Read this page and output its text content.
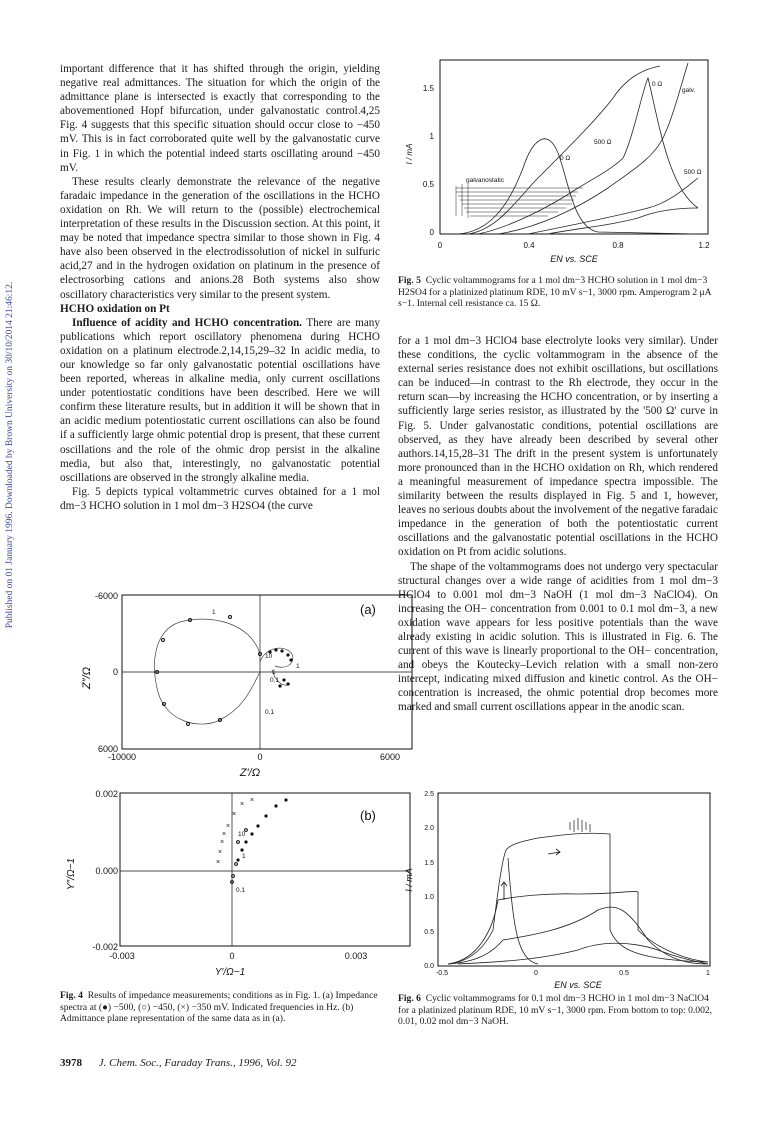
Published on 01 January 1996. Downloaded by Brown University on 30/10/2014 21:46:12.

important difference that it has shifted through the origin, yielding negative real admittances. The situation for which the origin of the admittance plane is intersected is exactly that corresponding to the abovementioned Hopf bifurcation, under galvanostatic control.4,25 Fig. 4 suggests that this specific situation should occur close to −450 mV. This is in fact corroborated quite well by the galvanostatic curve in Fig. 1 in which the potential indeed starts oscillating around −450 mV.

These results clearly demonstrate the relevance of the negative faradaic impedance in the generation of the oscillations in the HCHO oxidation on Rh. We will return to the (possible) electrochemical interpretation of these results in the Discussion section. At this point, it may be noted that impedance spectra similar to those shown in Fig. 4 have also been observed in the electrodissolution of nickel in sulfuric acid,27 and in the hydrogen oxidation on platinum in the presence of electrosorbing cations and anions.28 Both systems also show oscillatory characteristics very similar to the present system.

HCHO oxidation on Pt

Influence of acidity and HCHO concentration. There are many publications which report oscillatory phenomena during HCHO oxidation on a platinum electrode.2,14,15,29–32 In acidic media, to our knowledge so far only galvanostatic potential oscillations have been reported, whereas in alkaline media, only current oscillations under potentiostatic conditions have been described. Here we will confirm these literature results, but in addition it will be shown that in an acidic medium potentiostatic current oscillations can also be found if a sufficiently large ohmic potential drop is present, that these current oscillations and the role of the ohmic drop persist in the alkaline media, but also that, interestingly, no galvanostatic potential oscillations are observed in the strongly alkaline media.

Fig. 5 depicts typical voltammetric curves obtained for a 1 mol dm−3 HCHO solution in 1 mol dm−3 H2SO4 (the curve

for a 1 mol dm−3 HClO4 base electrolyte looks very similar). Under these conditions, the cyclic voltammogram in the absence of the external series resistance does not exhibit oscillations, but oscillations can be induced—in contrast to the Rh electrode, they occur in the return scan—by increasing the HCHO concentration, or by inserting a sufficiently large series resistor, as illustrated by the '500 Ω' curve in Fig. 5. Under galvanostatic conditions, potential oscillations are observed, as they have already been described by several other authors.14,15,28–31 The drift in the present system is unfortunately more pronounced than in the HCHO oxidation on Rh, which rendered a meaningful measurement of impedance spectra impossible. The similarity between the results displayed in Fig. 5 and 1, however, leaves no serious doubts about the involvement of the negative faradaic impedance in the generation of both the potentiostatic current oscillations and the galvanostatic potential oscillations in the HCHO oxidation on Pt from acidic solutions.

The shape of the voltammograms does not undergo very spectacular structural changes over a wide range of acidities from 1 mol dm−3 HClO4 to 0.001 mol dm−3 NaOH (1 mol dm−3 NaClO4). On increasing the OH− concentration from 0.001 to 0.1 mol dm−3, a new oxidation wave appears for less positive potentials than the wave already existing in acidic solution. This is illustrated in Fig. 6. The current of this wave is linearly proportional to the OH− concentration, and obeys the Koutecky–Levich relation with a small non-zero intercept, indicating mixed diffusion and kinetic control. As the OH− concentration is increased, the ohmic potential drop becomes more marked and small current oscillations appear in the anodic scan.

1.5
1
0.5
0
I / mA
0	0.4	0.8	1.2
EN vs. SCE
galvanostatic
500 Ω
0 Ω
0 Ω
galv.
500 Ω
Fig. 5 Cyclic voltammograms for a 1 mol dm−3 HCHO solution in 1 mol dm−3 H2SO4 for a platinized platinum RDE, 10 mV s−1, 3000 rpm. Amperogram 2 μA s−1. Internal cell resistance ca. 15 Ω.
-6000
0
6000
Z″/Ω
-10000	0	6000
Z′/Ω
(a)
1
10
1
0.1
0.1
1
0.002
0.000
-0.002
Y″/Ω−1
-0.003	0	0.003
Y′/Ω−1
(b)
×
×
×
×
×
×
×
×
10
1
0.1
Fig. 4 Results of impedance measurements; conditions as in Fig. 1. (a) Impedance spectra at (●) −500, (○) −450, (×) −350 mV. Indicated frequencies in Hz. (b) Admittance plane representation of the same data as in (a).
2.5
2.0
1.5
1.0
0.5
0.0
I / mA
-0.5	0	0.5	1
EN vs. SCE
Fig. 6 Cyclic voltammograms for 0.1 mol dm−3 HCHO in 1 mol dm−3 NaClO4 for a platinized platinum RDE, 10 mV s−1, 3000 rpm. From bottom to top: 0.002, 0.01, 0.02 mol dm−3 NaOH.
3978 J. Chem. Soc., Faraday Trans., 1996, Vol. 92
